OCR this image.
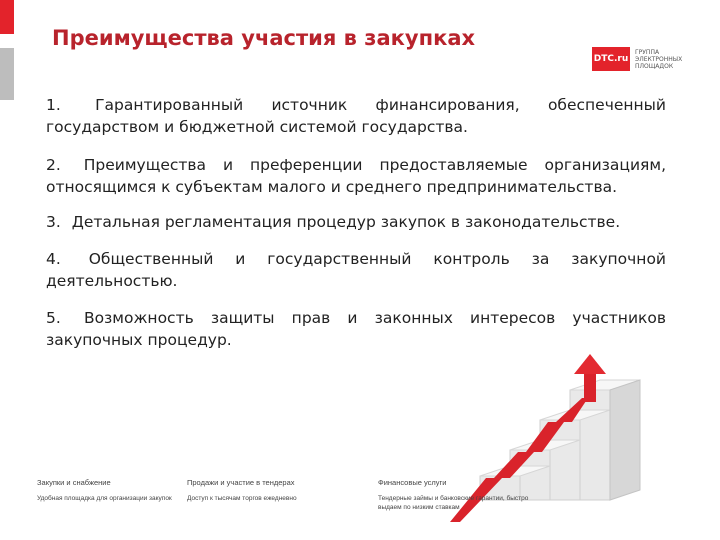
Преимущества участия в закупках
DTC.ru
ГРУППА
ЭЛЕКТРОННЫХ
ПЛОЩАДОК
1. Гарантированный источник финансирования, обеспеченный государством и бюджетной системой государства.
2. Преимущества и преференции предоставляемые организациям, относящимся к субъектам малого и среднего предпринимательства.
3. Детальная регламентация процедур закупок в законодательстве.
4. Общественный и государственный контроль за закупочной деятельностью.
5. Возможность защиты прав и законных интересов участников закупочных процедур.
Закупки и снабжение
Удобная площадка для организации закупок
Продажи и участие в тендерах
Доступ к тысячам торгов ежедневно
Финансовые услуги
Тендерные займы и банковские гарантии, быстро выдаем по низким ставкам
